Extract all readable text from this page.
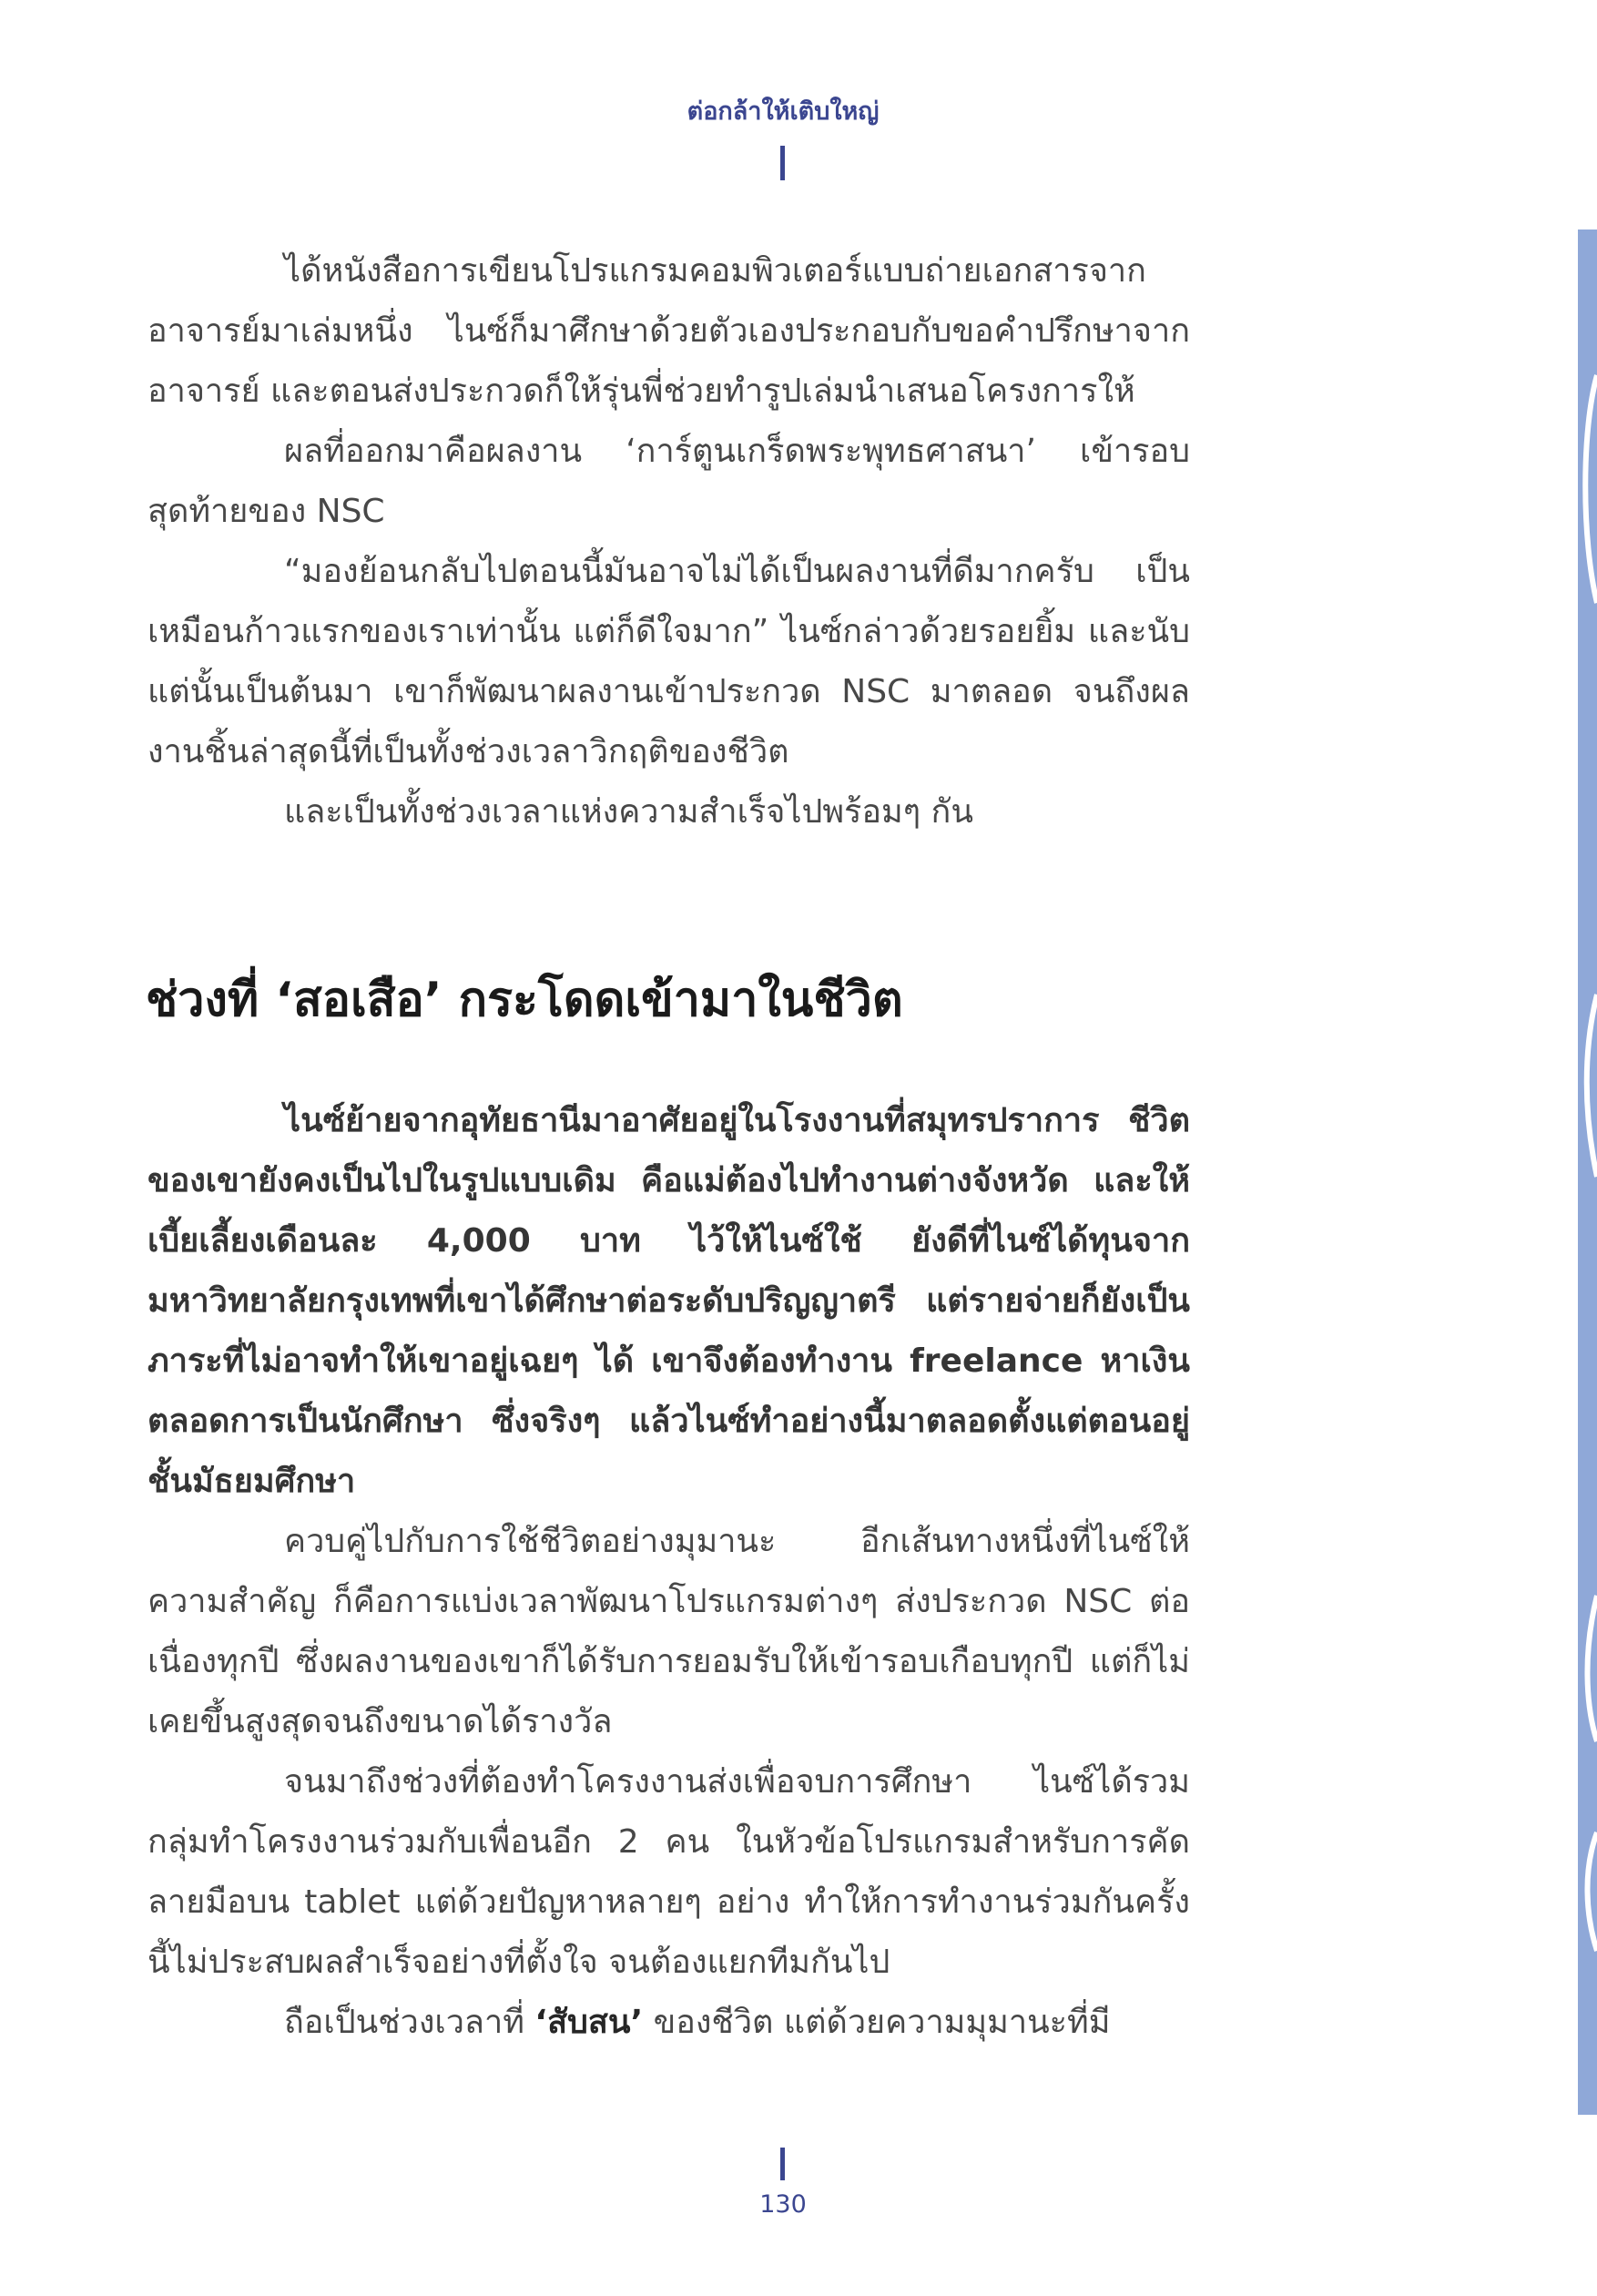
ต่อกล้าให้เติบใหญ่

ได้หนังสือการเขียนโปรแกรมคอมพิวเตอร์แบบถ่ายเอกสารจากอาจารย์มาเล่มหนึ่ง ไนซ์ก็มาศึกษาด้วยตัวเองประกอบกับขอคำปรึกษาจากอาจารย์ และตอนส่งประกวดก็ให้รุ่นพี่ช่วยทำรูปเล่มนำเสนอโครงการให้

ผลที่ออกมาคือผลงาน ‘การ์ตูนเกร็ดพระพุทธศาสนา’ เข้ารอบสุดท้ายของ NSC

“มองย้อนกลับไปตอนนี้มันอาจไม่ได้เป็นผลงานที่ดีมากครับ เป็นเหมือนก้าวแรกของเราเท่านั้น แต่ก็ดีใจมาก” ไนซ์กล่าวด้วยรอยยิ้ม และนับแต่นั้นเป็นต้นมา เขาก็พัฒนาผลงานเข้าประกวด NSC มาตลอด จนถึงผลงานชิ้นล่าสุดนี้ที่เป็นทั้งช่วงเวลาวิกฤติของชีวิต

และเป็นทั้งช่วงเวลาแห่งความสำเร็จไปพร้อมๆ กัน

ช่วงที่ ‘สอเสือ’ กระโดดเข้ามาในชีวิต

ไนซ์ย้ายจากอุทัยธานีมาอาศัยอยู่ในโรงงานที่สมุทรปราการ ชีวิตของเขายังคงเป็นไปในรูปแบบเดิม คือแม่ต้องไปทำงานต่างจังหวัด และให้เบี้ยเลี้ยงเดือนละ 4,000 บาท ไว้ให้ไนซ์ใช้ ยังดีที่ไนซ์ได้ทุนจากมหาวิทยาลัยกรุงเทพที่เขาได้ศึกษาต่อระดับปริญญาตรี แต่รายจ่ายก็ยังเป็นภาระที่ไม่อาจทำให้เขาอยู่เฉยๆ ได้ เขาจึงต้องทำงาน freelance หาเงินตลอดการเป็นนักศึกษา ซึ่งจริงๆ แล้วไนซ์ทำอย่างนี้มาตลอดตั้งแต่ตอนอยู่ชั้นมัธยมศึกษา

ควบคู่ไปกับการใช้ชีวิตอย่างมุมานะ อีกเส้นทางหนึ่งที่ไนซ์ให้ความสำคัญ ก็คือการแบ่งเวลาพัฒนาโปรแกรมต่างๆ ส่งประกวด NSC ต่อเนื่องทุกปี ซึ่งผลงานของเขาก็ได้รับการยอมรับให้เข้ารอบเกือบทุกปี แต่ก็ไม่เคยขึ้นสูงสุดจนถึงขนาดได้รางวัล

จนมาถึงช่วงที่ต้องทำโครงงานส่งเพื่อจบการศึกษา ไนซ์ได้รวมกลุ่มทำโครงงานร่วมกับเพื่อนอีก 2 คน ในหัวข้อโปรแกรมสำหรับการคัดลายมือบน tablet แต่ด้วยปัญหาหลายๆ อย่าง ทำให้การทำงานร่วมกันครั้งนี้ไม่ประสบผลสำเร็จอย่างที่ตั้งใจ จนต้องแยกทีมกันไป

ถือเป็นช่วงเวลาที่ ‘สับสน’ ของชีวิต แต่ด้วยความมุมานะที่มี

130
